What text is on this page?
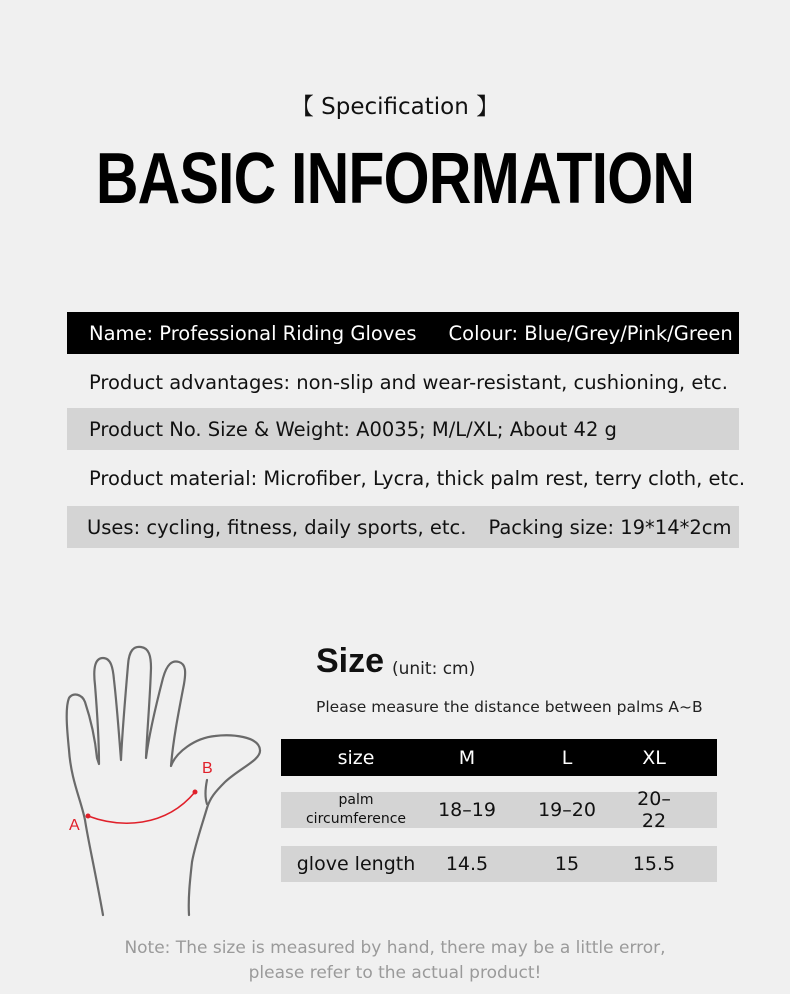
【 Specification 】
BASIC INFORMATION
Name: Professional Riding Gloves Colour: Blue/Grey/Pink/Green
Product advantages: non-slip and wear-resistant, cushioning, etc.
Product No. Size & Weight: A0035; M/L/XL; About 42 g
Product material: Microfiber, Lycra, thick palm rest, terry cloth, etc.
Uses: cycling, fitness, daily sports, etc. Packing size: 19*14*2cm
A
B
Size (unit: cm)
Please measure the distance between palms A~B
size	M	L	XL
palm
circumference	18–19	19–20	20–22
glove length	14.5	15	15.5
Note: The size is measured by hand, there may be a little error,
please refer to the actual product!
